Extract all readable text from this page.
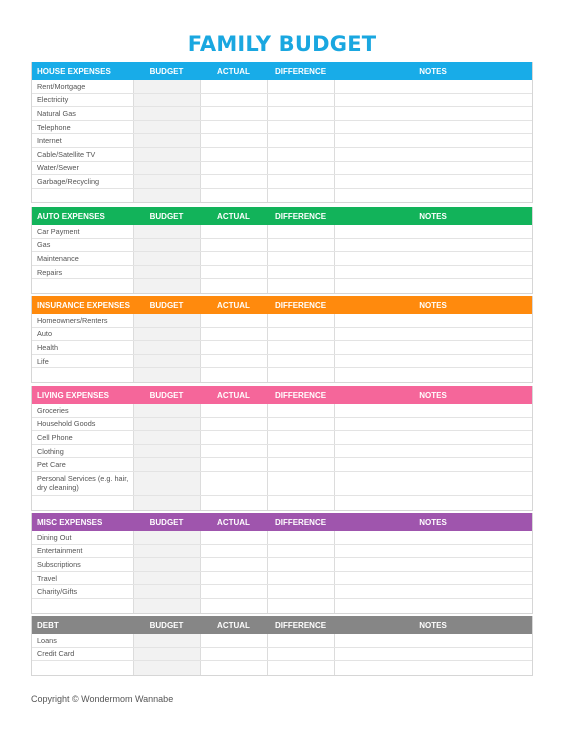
FAMILY BUDGET
HOUSE EXPENSES	BUDGET	ACTUAL	DIFFERENCE	NOTES
Rent/Mortgage
Electricity
Natural Gas
Telephone
Internet
Cable/Satellite TV
Water/Sewer
Garbage/Recycling
AUTO EXPENSES	BUDGET	ACTUAL	DIFFERENCE	NOTES
Car Payment
Gas
Maintenance
Repairs
INSURANCE EXPENSES	BUDGET	ACTUAL	DIFFERENCE	NOTES
Homeowners/Renters
Auto
Health
Life
LIVING EXPENSES	BUDGET	ACTUAL	DIFFERENCE	NOTES
Groceries
Household Goods
Cell Phone
Clothing
Pet Care
Personal Services (e.g. hair, dry cleaning)
MISC EXPENSES	BUDGET	ACTUAL	DIFFERENCE	NOTES
Dining Out
Entertainment
Subscriptions
Travel
Charity/Gifts
DEBT	BUDGET	ACTUAL	DIFFERENCE	NOTES
Loans
Credit Card
Copyright © Wondermom Wannabe
